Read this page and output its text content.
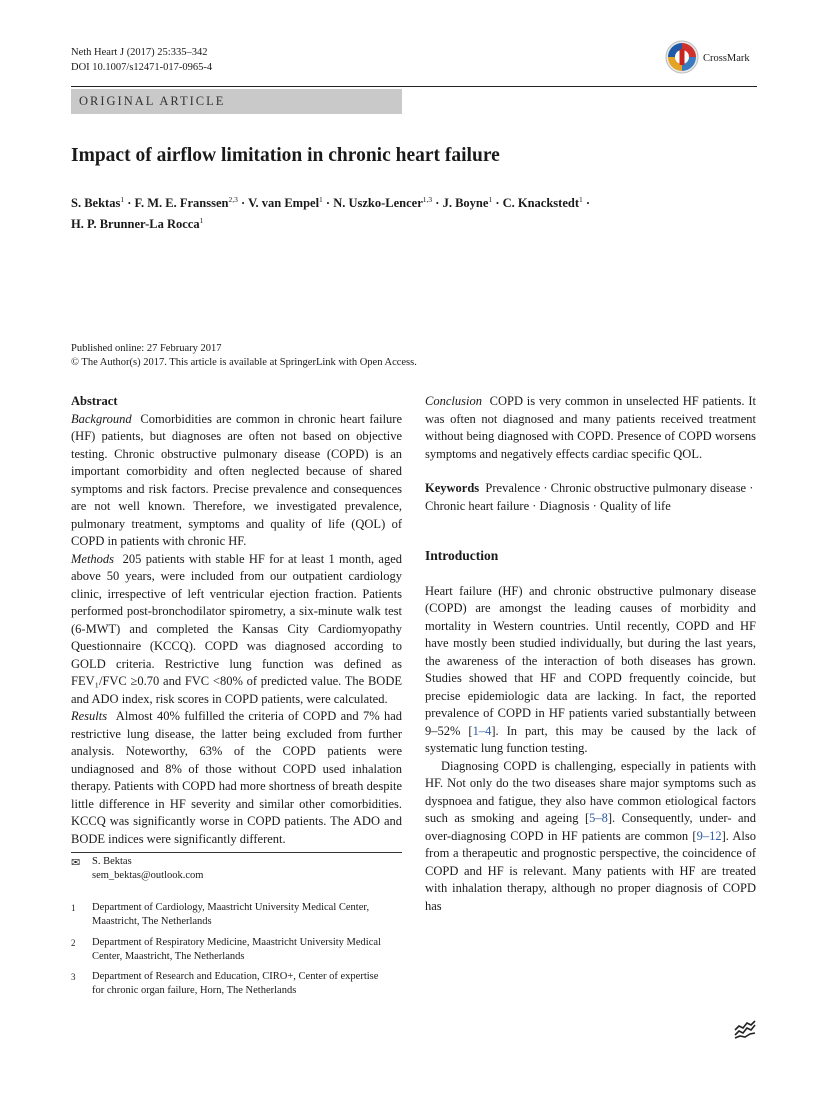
Neth Heart J (2017) 25:335–342
DOI 10.1007/s12471-017-0965-4
CrossMark
ORIGINAL ARTICLE
Impact of airflow limitation in chronic heart failure
S. Bektas$^1$ · F. M. E. Franssen$^{2,3}$ · V. van Empel$^1$ · N. Uszko-Lencer$^{1,3}$ · J. Boyne$^1$ · C. Knackstedt$^1$ ·
H. P. Brunner-La Rocca$^1$
Published online: 27 February 2017
© The Author(s) 2017. This article is available at SpringerLink with Open Access.

Abstract

Background Comorbidities are common in chronic heart failure (HF) patients, but diagnoses are often not based on objective testing. Chronic obstructive pulmonary disease (COPD) is an important comorbidity and often neglected because of shared symptoms and risk factors. Precise prevalence and consequences are not well known. Therefore, we investigated prevalence, pulmonary treatment, symptoms and quality of life (QOL) of COPD in patients with chronic HF.

Methods 205 patients with stable HF for at least 1 month, aged above 50 years, were included from our outpatient cardiology clinic, irrespective of left ventricular ejection fraction. Patients performed post-bronchodilator spirometry, a six-minute walk test (6-MWT) and completed the Kansas City Cardiomyopathy Questionnaire (KCCQ). COPD was diagnosed according to GOLD criteria. Restrictive lung function was defined as FEV₁/FVC ≥0.70 and FVC <80% of predicted value. The BODE and ADO index, risk scores in COPD patients, were calculated.

Results Almost 40% fulfilled the criteria of COPD and 7% had restrictive lung disease, the latter being excluded from further analysis. Noteworthy, 63% of the COPD patients were undiagnosed and 8% of those without COPD used inhalation therapy. Patients with COPD had more shortness of breath despite little difference in HF severity and similar other comorbidities. KCCQ was significantly worse in COPD patients. The ADO and BODE indices were significantly different.

Conclusion COPD is very common in unselected HF patients. It was often not diagnosed and many patients received treatment without being diagnosed with COPD. Presence of COPD worsens symptoms and negatively effects cardiac specific QOL.

Keywords Prevalence · Chronic obstructive pulmonary disease · Chronic heart failure · Diagnosis · Quality of life

Introduction

Heart failure (HF) and chronic obstructive pulmonary disease (COPD) are amongst the leading causes of morbidity and mortality in Western countries. Until recently, COPD and HF have mostly been studied individually, but during the last years, the awareness of the interaction of both diseases has grown. Studies showed that HF and COPD frequently coincide, but precise epidemiologic data are lacking. In fact, the reported prevalence of COPD in HF patients varied substantially between 9–52% [1–4]. In part, this may be caused by the lack of systematic lung function testing.

Diagnosing COPD is challenging, especially in patients with HF. Not only do the two diseases share major symptoms such as dyspnoea and fatigue, they also have common etiological factors such as smoking and ageing [5–8]. Consequently, under- and over-diagnosing COPD in HF patients are common [9–12]. Also from a therapeutic and prognostic perspective, the coincidence of COPD and HF is relevant. Many patients with HF are treated with inhalation therapy, although no proper diagnosis of COPD has

✉ S. Bektas
sem_bektas@outlook.com
1 Department of Cardiology, Maastricht University Medical Center, Maastricht, The Netherlands
2 Department of Respiratory Medicine, Maastricht University Medical Center, Maastricht, The Netherlands
3 Department of Research and Education, CIRO+, Center of expertise for chronic organ failure, Horn, The Netherlands
